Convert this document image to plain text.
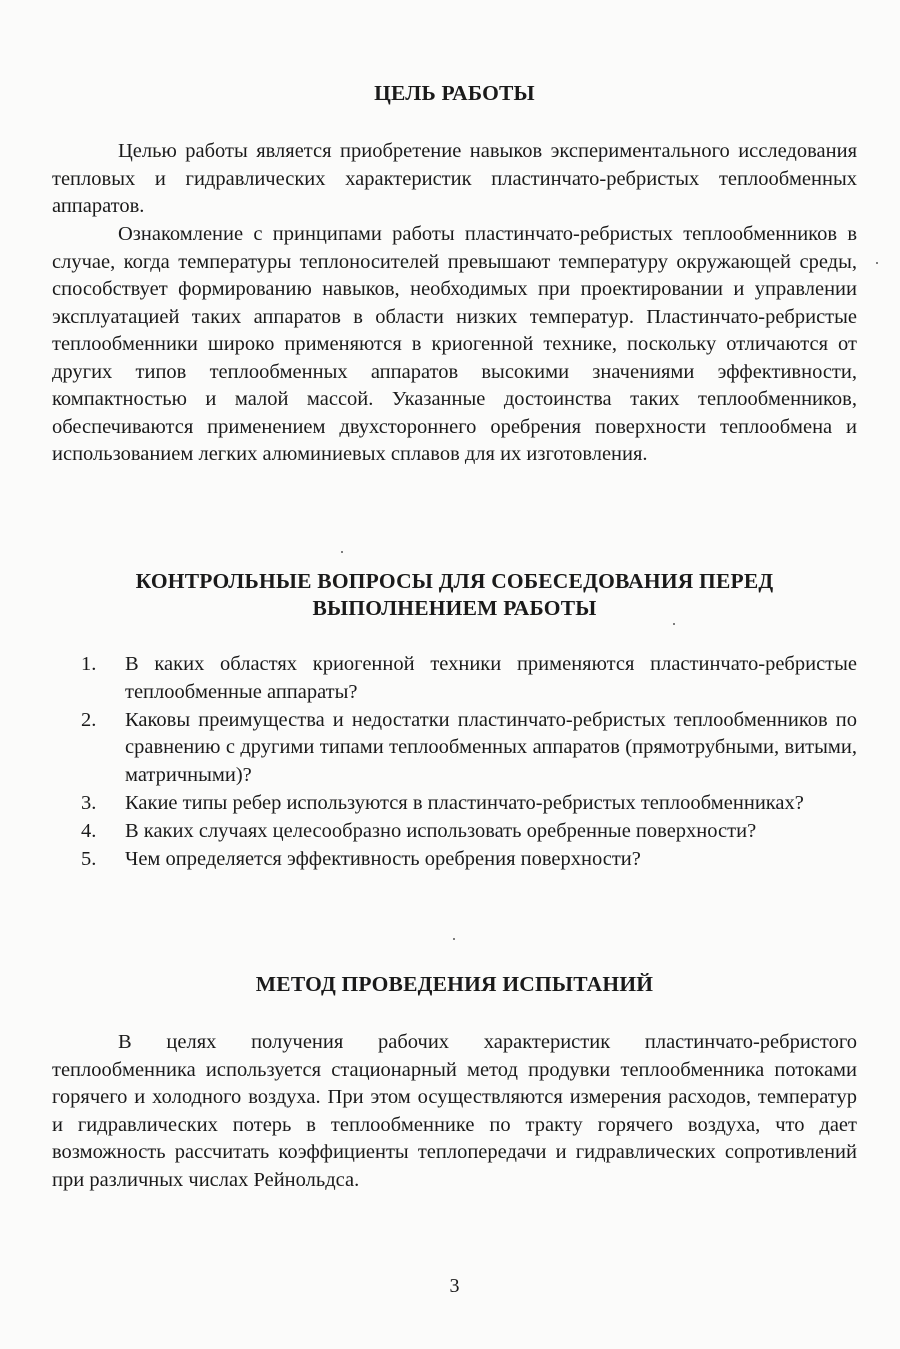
ЦЕЛЬ РАБОТЫ

Целью работы является приобретение навыков экспериментального исследования тепловых и гидравлических характеристик пластинчато-ребристых теплообменных аппаратов.

Ознакомление с принципами работы пластинчато-ребристых теплообменников в случае, когда температуры теплоносителей превышают температуру окружающей среды, способствует формированию навыков, необходимых при проектировании и управлении эксплуатацией таких аппаратов в области низких температур. Пластинчато-ребристые теплообменники широко применяются в криогенной технике, поскольку отличаются от других типов теплообменных аппаратов высокими значениями эффективности, компактностью и малой массой. Указанные достоинства таких теплообменников, обеспечиваются применением двухстороннего оребрения поверхности теплообмена и использованием легких алюминиевых сплавов для их изготовления.

КОНТРОЛЬНЫЕ ВОПРОСЫ ДЛЯ СОБЕСЕДОВАНИЯ ПЕРЕД
ВЫПОЛНЕНИЕМ РАБОТЫ
1. В каких областях криогенной техники применяются пластинчато-ребристые теплообменные аппараты?
2. Каковы преимущества и недостатки пластинчато-ребристых теплообменников по сравнению с другими типами теплообменных аппаратов (прямотрубными, витыми, матричными)?
3. Какие типы ребер используются в пластинчато-ребристых теплообменниках?
4. В каких случаях целесообразно использовать оребренные поверхности?
5. Чем определяется эффективность оребрения поверхности?
МЕТОД ПРОВЕДЕНИЯ ИСПЫТАНИЙ

В целях получения рабочих характеристик пластинчато-ребристого теплообменника используется стационарный метод продувки теплообменника потоками горячего и холодного воздуха. При этом осуществляются измерения расходов, температур и гидравлических потерь в теплообменнике по тракту горячего воздуха, что дает возможность рассчитать коэффициенты теплопередачи и гидравлических сопротивлений при различных числах Рейнольдса.

3
